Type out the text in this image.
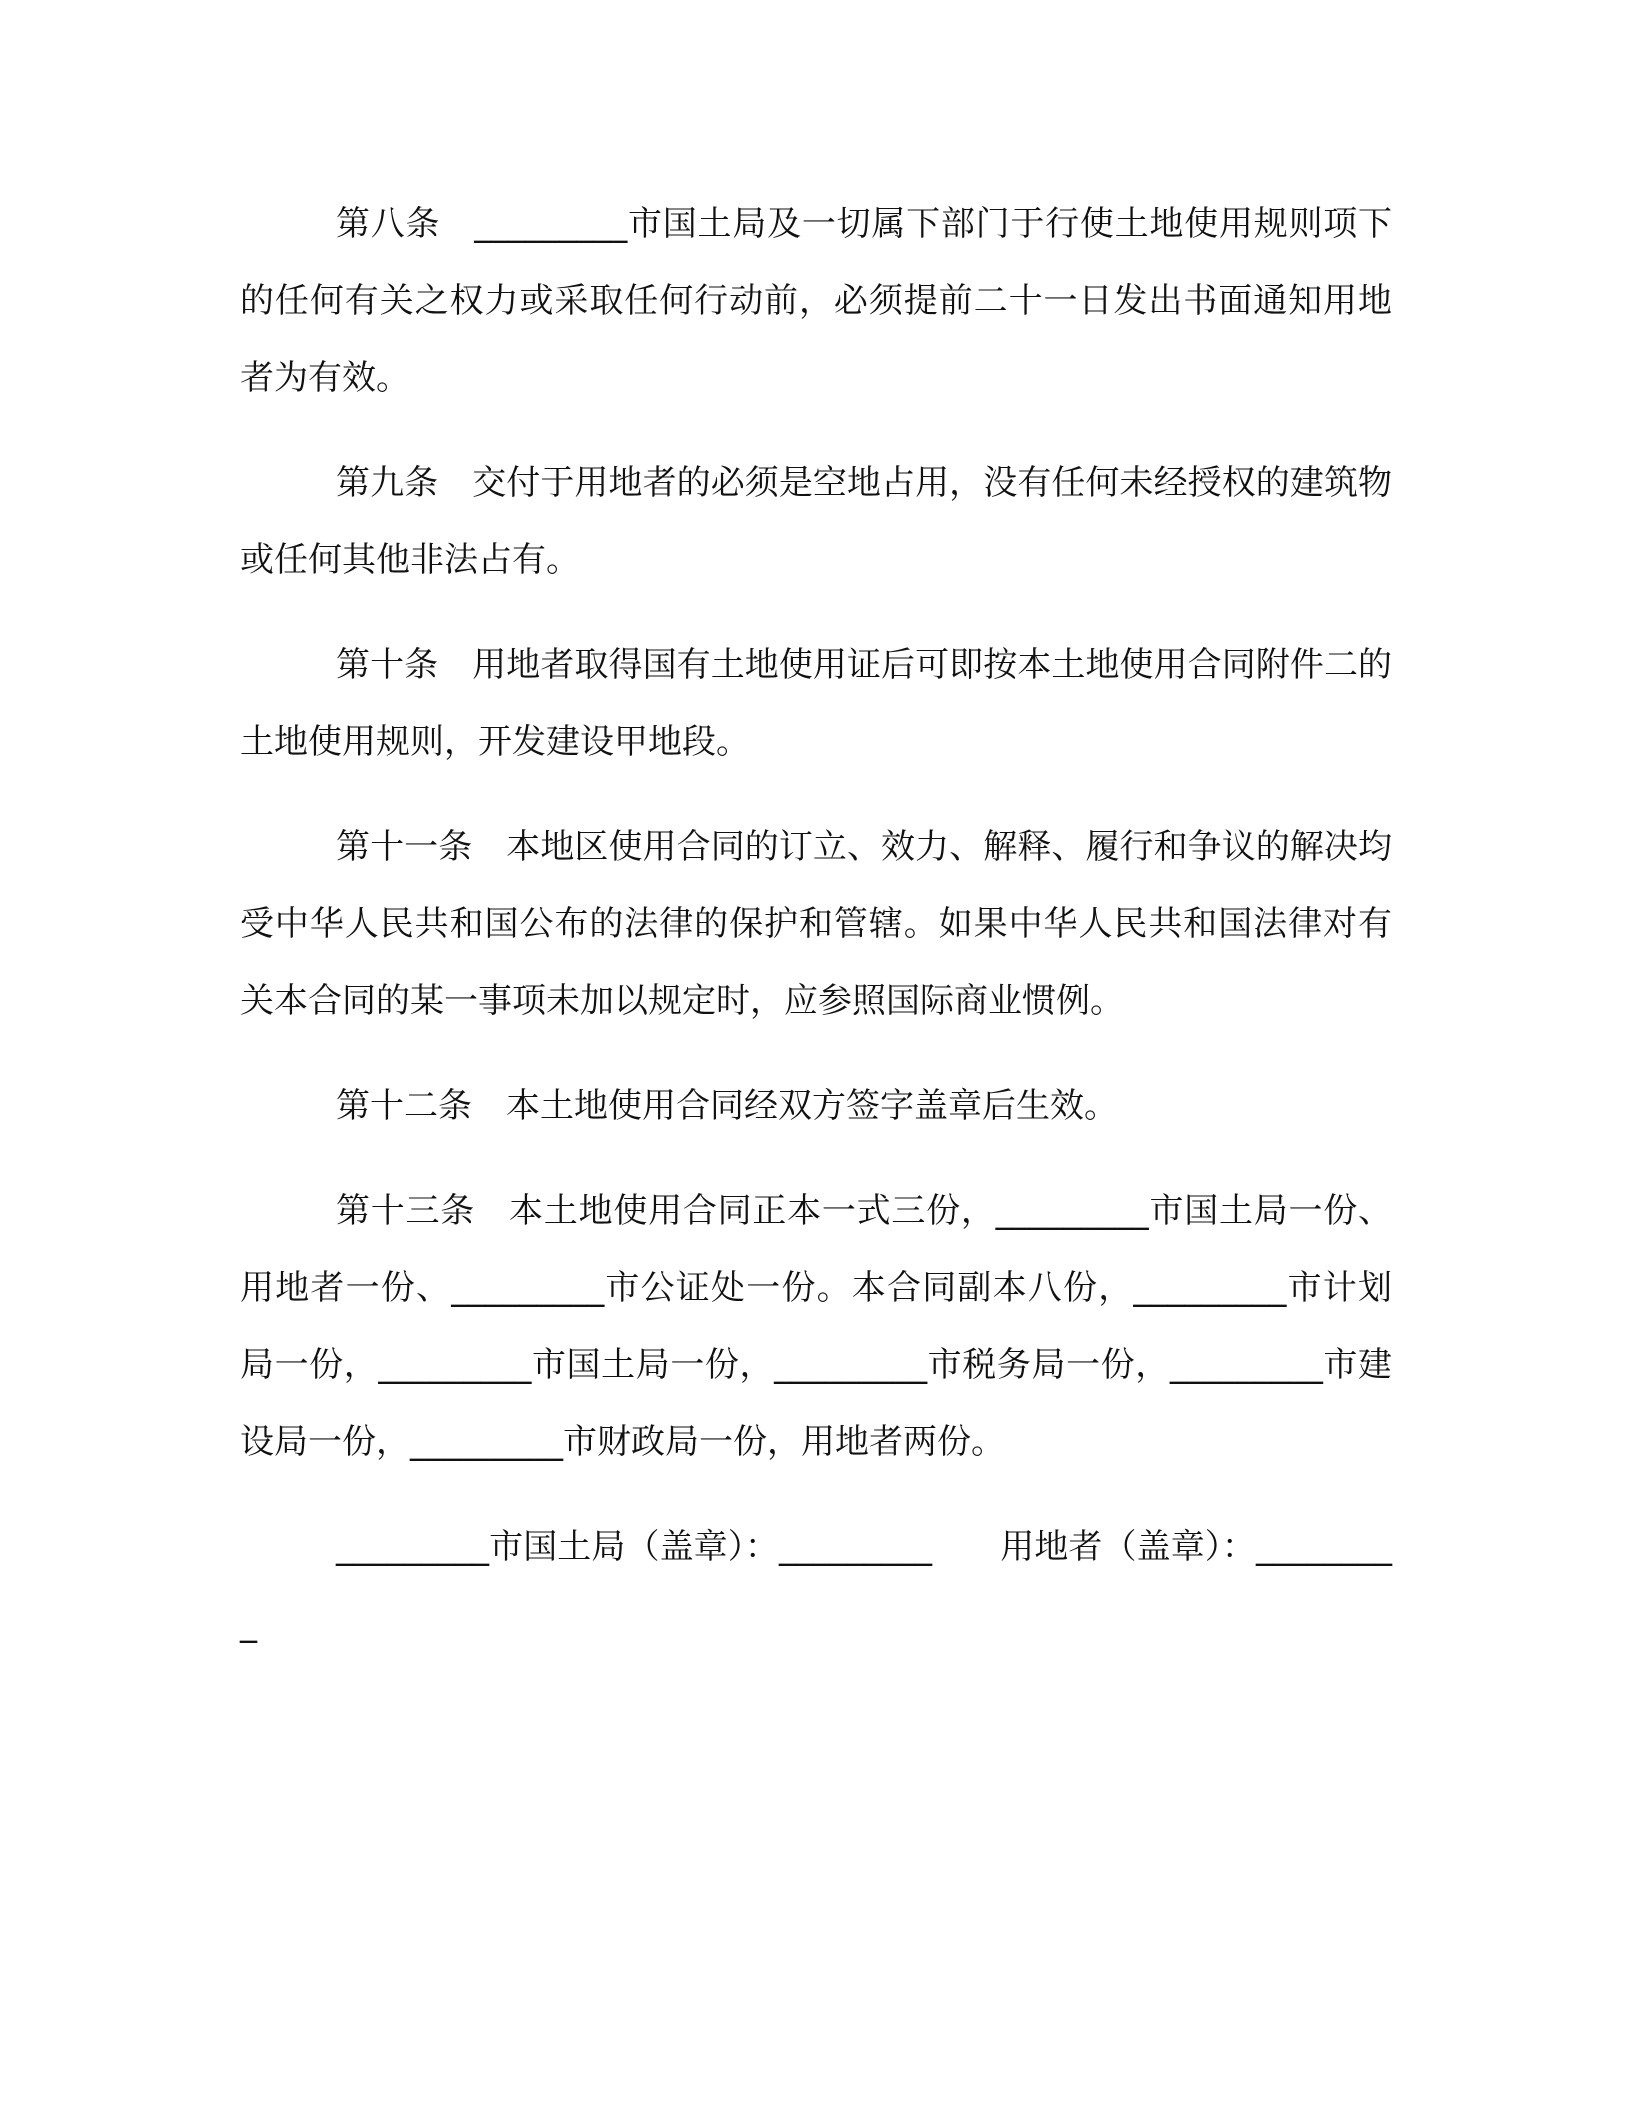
第八条 _________市国土局及一切属下部门于行使土地使用规则项下的任何有关之权力或采取任何行动前，必须提前二十一日发出书面通知用地者为有效。

第九条 交付于用地者的必须是空地占用，没有任何未经授权的建筑物或任何其他非法占有。

第十条 用地者取得国有土地使用证后可即按本土地使用合同附件二的土地使用规则，开发建设甲地段。

第十一条 本地区使用合同的订立、效力、解释、履行和争议的解决均受中华人民共和国公布的法律的保护和管辖。如果中华人民共和国法律对有关本合同的某一事项未加以规定时，应参照国际商业惯例。

第十二条 本土地使用合同经双方签字盖章后生效。

第十三条 本土地使用合同正本一式三份，_________市国土局一份、用地者一份、_________市公证处一份。本合同副本八份，_________市计划局一份，_________市国土局一份，_________市税务局一份，_________市建设局一份，_________市财政局一份，用地者两份。

_________市国土局（盖章）：_________　　用地者（盖章）：_________
